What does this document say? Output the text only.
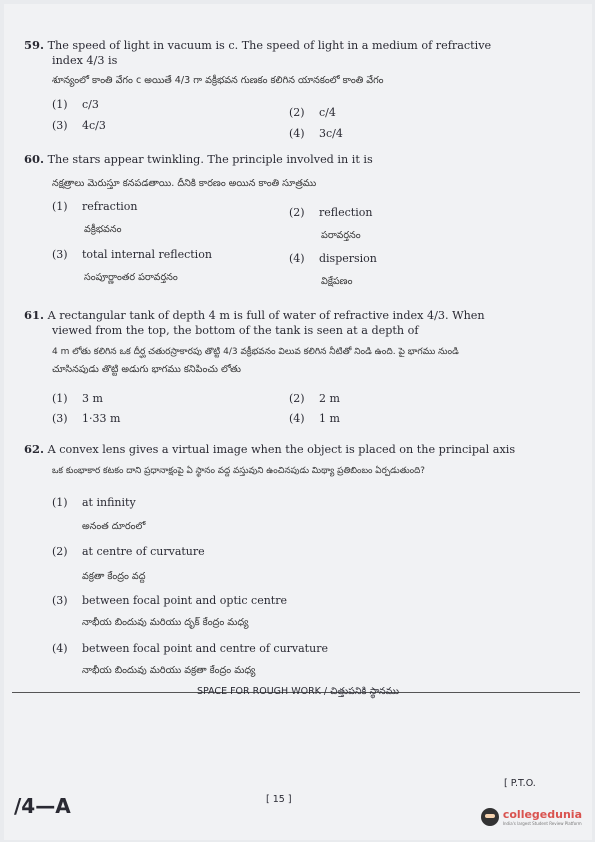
59. The speed of light in vacuum is c. The speed of light in a medium of refractive
index 4/3 is
శూన్యంలో కాంతి వేగం c అయితే 4/3 గా వక్రీభవన గుణకం కలిగిన యానకంలో కాంతి వేగం
(1) c/3
(2) c/4
(3) 4c/3
(4) 3c/4
60. The stars appear twinkling. The principle involved in it is
నక్షత్రాలు మెరుస్తూ కనపడతాయి. దీనికి కారణం అయిన కాంతి సూత్రము
(1) refraction
వక్రీభవనం
(2) reflection
పరావర్తనం
(3) total internal reflection
సంపూర్ణాంతర పరావర్తనం
(4) dispersion
విక్షేపణం
61. A rectangular tank of depth 4 m is full of water of refractive index 4/3. When
viewed from the top, the bottom of the tank is seen at a depth of
4 m లోతు కలిగిన ఒక దీర్ఘ చతురస్రాకారపు తొట్టి 4/3 వక్రీభవనం విలువ కలిగిన నీటితో నిండి ఉంది. పై భాగము నుండి
చూసినపుడు తొట్టి అడుగు భాగము కనిపించు లోతు
(1) 3 m	(2) 2 m
(3) 1·33 m	(4) 1 m
62. A convex lens gives a virtual image when the object is placed on the principal axis
ఒక కుంభాకార కటకం దాని ప్రధానాక్షంపై ఏ స్థానం వద్ద వస్తువుని ఉంచినపుడు మిథ్యా ప్రతిబింబం ఏర్పడుతుంది?
(1) at infinity
అనంత దూరంలో
(2) at centre of curvature
వక్రతా కేంద్రం వద్ద
(3) between focal point and optic centre
నాభీయ బిందువు మరియు దృక్ కేంద్రం మధ్య
(4) between focal point and centre of curvature
నాభీయ బిందువు మరియు వక్రతా కేంద్రం మధ్య
SPACE FOR ROUGH WORK / చిత్తుపనికి స్థానము
[ 15 ]
[ P.T.O.
/4—A	collegedunia
India's largest Student Review Platform
